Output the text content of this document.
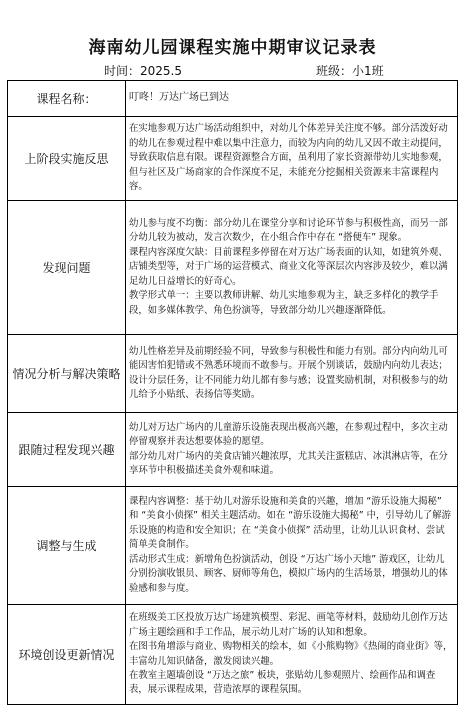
海南幼儿园课程实施中期审议记录表
时间：2025.5	班级：小1班
课程名称：	叮咚！万达广场已到达

上阶段实施反思	在实地参观万达广场活动组织中，对幼儿个体差异关注度不够。部分活泼好动的幼儿在参观过程中难以集中注意力，而较为内向的幼儿又因不敢主动提问，导致获取信息有限。课程资源整合方面，虽利用了家长资源带幼儿实地参观，但与社区及广场商家的合作深度不足，未能充分挖掘相关资源来丰富课程内容。

发现问题	幼儿参与度不均衡：部分幼儿在课堂分享和讨论环节参与积极性高，而另一部分幼儿较为被动，发言次数少，在小组合作中存在 “搭便车” 现象。

课程内容深度欠缺：目前课程多停留在对万达广场表面的认知，如建筑外观、店铺类型等，对于广场的运营模式、商业文化等深层次内容涉及较少，难以满足幼儿日益增长的好奇心。

教学形式单一：主要以教师讲解、幼儿实地参观为主，缺乏多样化的教学手段，如多媒体教学、角色扮演等，导致部分幼儿兴趣逐渐降低。

情况分析与解决策略	幼儿性格差异及前期经验不同，导致参与积极性和能力有别。部分内向幼儿可能因害怕犯错或不熟悉环境而不敢参与。开展个别谈话，鼓励内向幼儿表达；设计分层任务，让不同能力幼儿都有参与感；设置奖励机制，对积极参与的幼儿给予小贴纸、表扬信等奖励。

跟随过程发现兴趣	幼儿对万达广场内的儿童游乐设施表现出极高兴趣，在参观过程中，多次主动停留观察并表达想要体验的愿望。

部分幼儿对广场内的美食店铺兴趣浓厚，尤其关注蛋糕店、冰淇淋店等，在分享环节中积极描述美食外观和味道。

调整与生成	课程内容调整：基于幼儿对游乐设施和美食的兴趣，增加 “游乐设施大揭秘” 和 “美食小侦探” 相关主题活动。如在 “游乐设施大揭秘” 中，引导幼儿了解游乐设施的构造和安全知识；在 “美食小侦探” 活动里，让幼儿认识食材、尝试简单美食制作。

活动形式生成：新增角色扮演活动，创设 “万达广场小天地” 游戏区，让幼儿分别扮演收银员、顾客、厨师等角色，模拟广场内的生活场景，增强幼儿的体验感和参与度。

环境创设更新情况	在班级美工区投放万达广场建筑模型、彩泥、画笔等材料，鼓励幼儿创作万达广场主题绘画和手工作品，展示幼儿对广场的认知和想象。

在图书角增添与商业、购物相关的绘本，如《小熊购物》《热闹的商业街》等，丰富幼儿知识储备，激发阅读兴趣。

在教室主题墙创设 “万达之旅” 板块，张贴幼儿参观照片、绘画作品和调查表，展示课程成果，营造浓厚的课程氛围。
